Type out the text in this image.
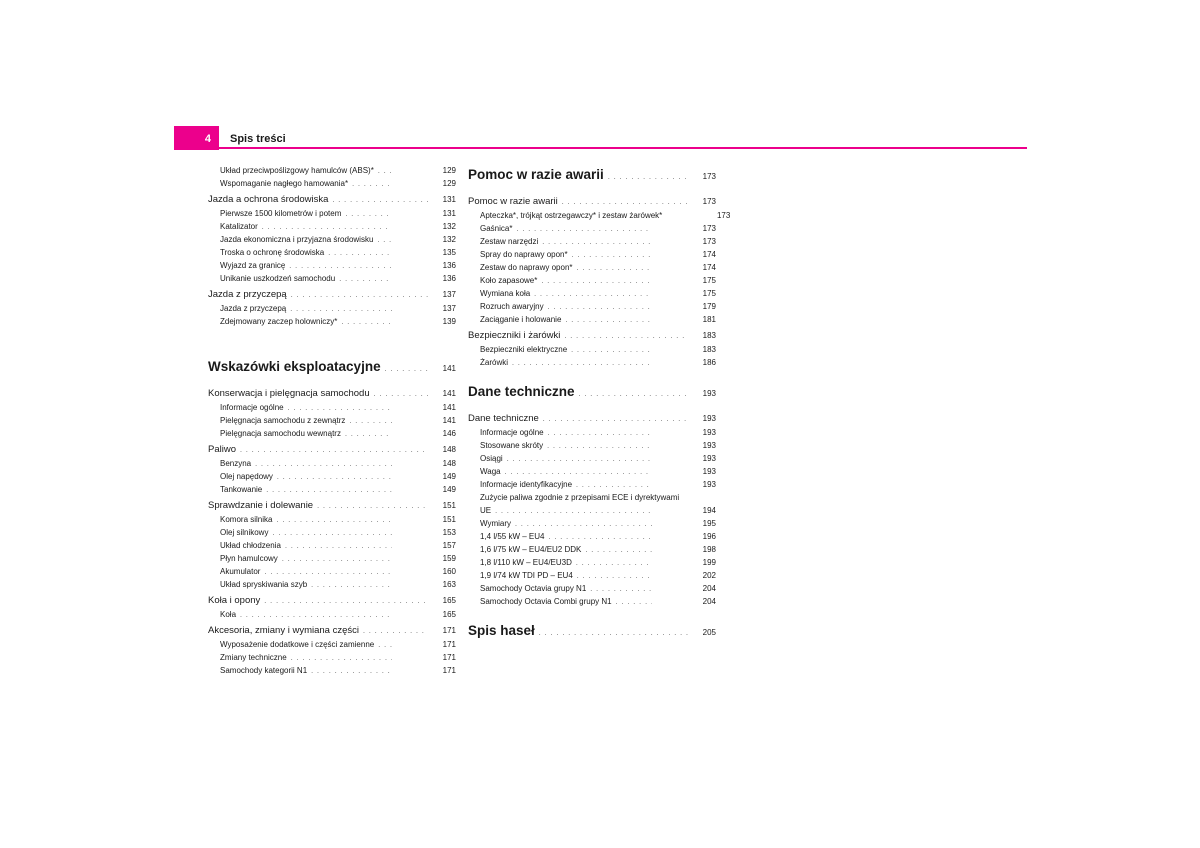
4 Spis treści
Układ przeciwpoślizgowy hamulców (ABS)* . . .	129
Wspomaganie nagłego hamowania* . . .	129
Jazda a ochrona środowiska . . .	131
Pierwsze 1500 kilometrów i potem . . .	131
Katalizator . . .	132
Jazda ekonomiczna i przyjazna środowisku . . .	132
Troska o ochronę środowiska . . .	135
Wyjazd za granicę . . .	136
Unikanie uszkodzeń samochodu . . .	136
Jazda z przyczepą . . .	137
Jazda z przyczepą . . .	137
Zdejmowany zaczep holowniczy* . . .	139
Wskazówki eksploatacyjne . . .	141
Konserwacja i pielęgnacja samochodu . . .	141
Informacje ogólne . . .	141
Pielęgnacja samochodu z zewnątrz . . .	141
Pielęgnacja samochodu wewnątrz . . .	146
Paliwo . . .	148
Benzyna . . .	148
Olej napędowy . . .	149
Tankowanie . . .	149
Sprawdzanie i dolewanie . . .	151
Komora silnika . . .	151
Olej silnikowy . . .	153
Układ chłodzenia . . .	157
Płyn hamulcowy . . .	159
Akumulator . . .	160
Układ spryskiwania szyb . . .	163
Koła i opony . . .	165
Koła . . .	165
Akcesoria, zmiany i wymiana części . . .	171
Wyposażenie dodatkowe i części zamienne . . .	171
Zmiany techniczne . . .	171
Samochody kategorii N1 . . .	171
Pomoc w razie awarii . . .	173
Pomoc w razie awarii . . .	173
Apteczka*, trójkąt ostrzegawczy* i zestaw żarówek*	173
Gaśnica* . . .	173
Zestaw narzędzi . . .	173
Spray do naprawy opon* . . .	174
Zestaw do naprawy opon* . . .	174
Koło zapasowe* . . .	175
Wymiana koła . . .	175
Rozruch awaryjny . . .	179
Zaciąganie i holowanie . . .	181
Bezpieczniki i żarówki . . .	183
Bezpieczniki elektryczne . . .	183
Żarówki . . .	186
Dane techniczne . . .	193
Dane techniczne . . .	193
Informacje ogólne . . .	193
Stosowane skróty . . .	193
Osiągi . . .	193
Waga . . .	193
Informacje identyfikacyjne . . .	193
Zużycie paliwa zgodnie z przepisami ECE i dyrektywami
UE . . .	194
Wymiary . . .	195
1,4 l/55 kW – EU4 . . .	196
1,6 l/75 kW – EU4/EU2 DDK . . .	198
1,8 l/110 kW – EU4/EU3D . . .	199
1,9 l/74 kW TDI PD – EU4 . . .	202
Samochody Octavia grupy N1 . . .	204
Samochody Octavia Combi grupy N1 . . .	204
Spis haseł . . .	205
